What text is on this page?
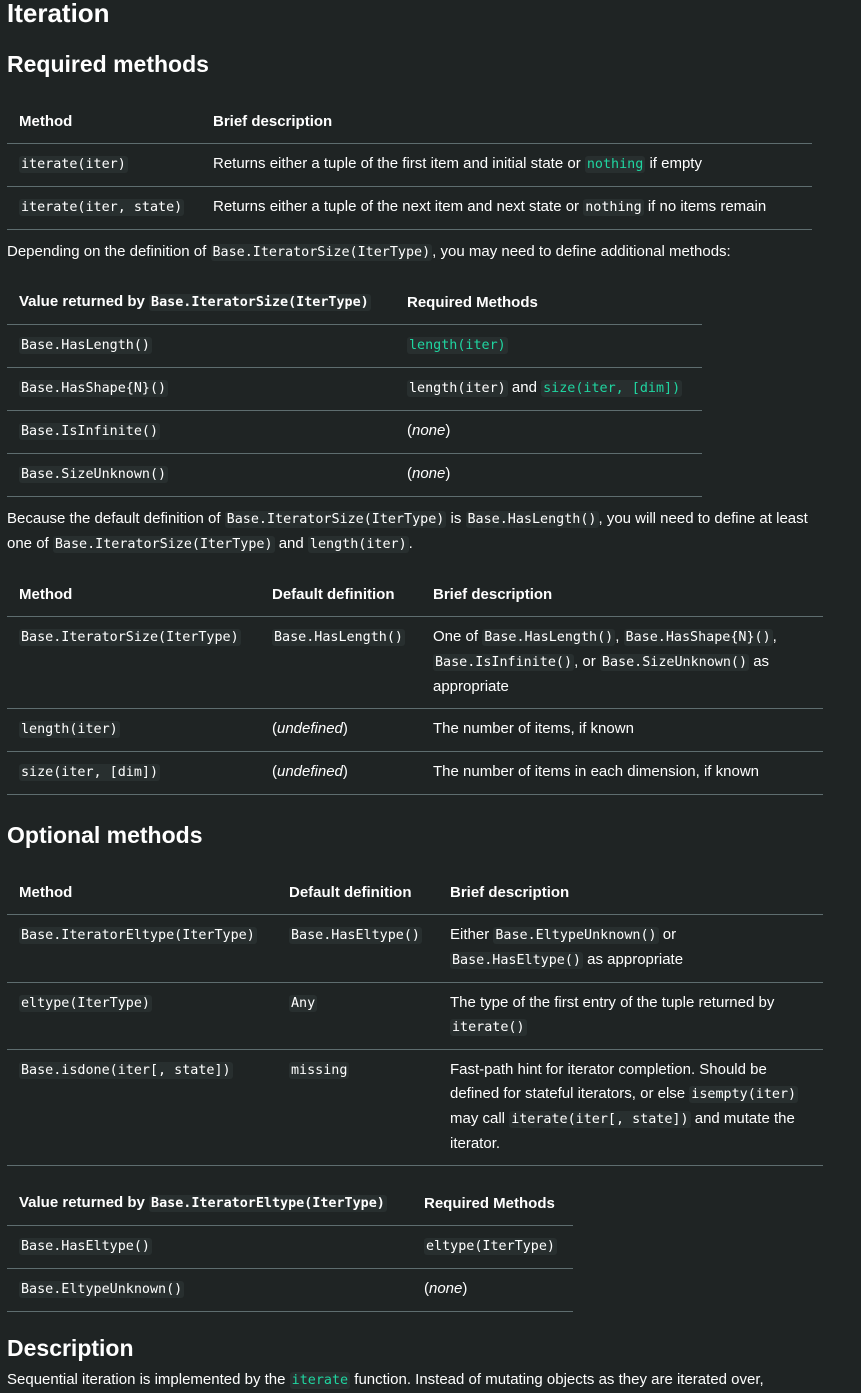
Iteration
Required methods
Method	Brief description
iterate(iter)	Returns either a tuple of the first item and initial state or nothing if empty
iterate(iter, state)	Returns either a tuple of the next item and next state or nothing if no items remain

Depending on the definition of Base.IteratorSize(IterType) , you may need to define additional methods:

Value returned by Base.IteratorSize(IterType)	Required Methods
Base.HasLength()	length(iter)
Base.HasShape{N}()	length(iter) and size(iter, [dim])
Base.IsInfinite()	(none)
Base.SizeUnknown()	(none)

Because the default definition of Base.IteratorSize(IterType) is Base.HasLength() , you will need to define at least one of Base.IteratorSize(IterType) and length(iter) .

Method	Default definition	Brief description
Base.IteratorSize(IterType)	Base.HasLength()	One of Base.HasLength() , Base.HasShape{N}() , Base.IsInfinite() , or Base.SizeUnknown() as appropriate
length(iter)	(undefined)	The number of items, if known
size(iter, [dim])	(undefined)	The number of items in each dimension, if known
Optional methods
Method	Default definition	Brief description
Base.IteratorEltype(IterType)	Base.HasEltype()	Either Base.EltypeUnknown() or
Base.HasEltype() as appropriate
eltype(IterType)	Any	The type of the first entry of the tuple returned by iterate()
Base.isdone(iter[, state])	missing	Fast-path hint for iterator completion. Should be defined for stateful iterators, or else isempty(iter) may call iterate(iter[, state]) and mutate the iterator.
Value returned by Base.IteratorEltype(IterType)	Required Methods
Base.HasEltype()	eltype(IterType)
Base.EltypeUnknown()	(none)
Description

Sequential iteration is implemented by the iterate function. Instead of mutating objects as they are iterated over,
